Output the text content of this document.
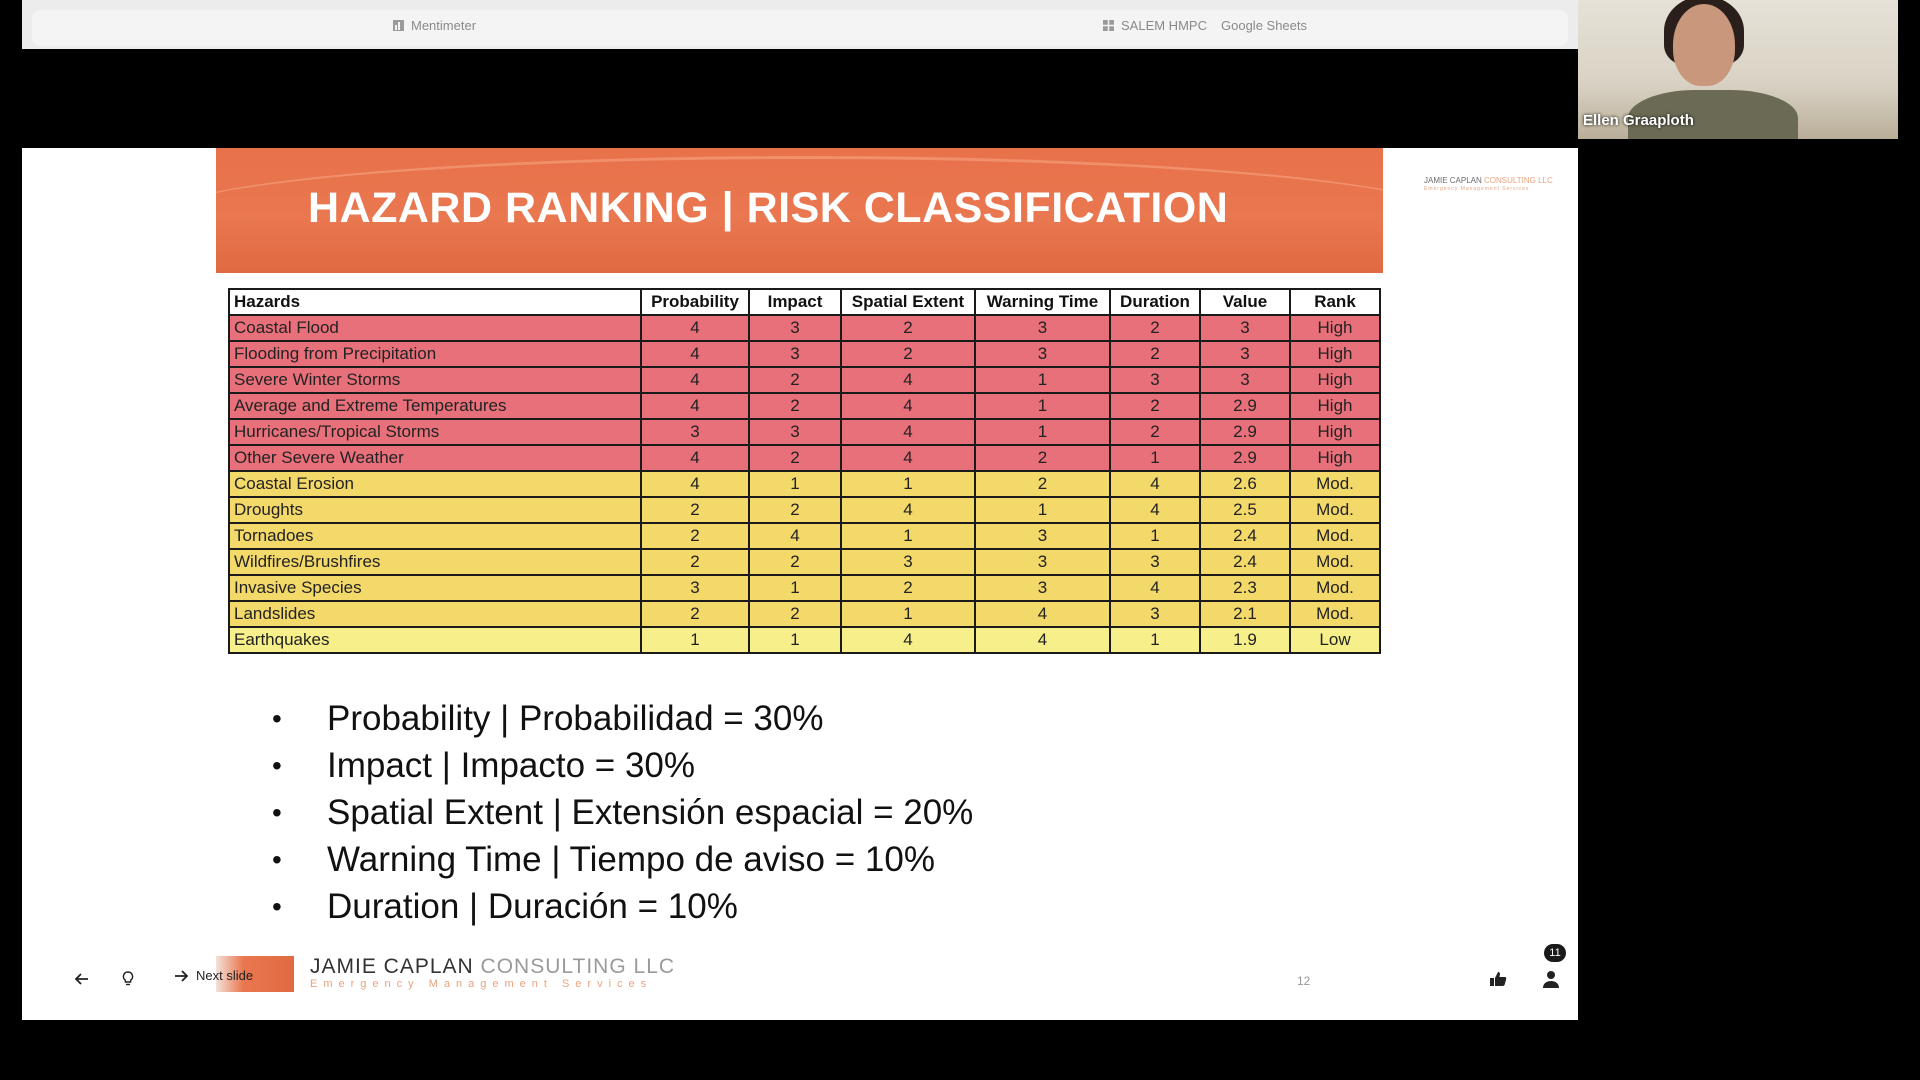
Mentimeter	SALEM HMPC Google Sheets
HAZARD RANKING | RISK CLASSIFICATION
JAMIE CAPLAN CONSULTING LLC
Emergency Management Services
Hazards	Probability	Impact	Spatial Extent	Warning Time	Duration	Value	Rank
Coastal Flood	4	3	2	3	2	3	High
Flooding from Precipitation	4	3	2	3	2	3	High
Severe Winter Storms	4	2	4	1	3	3	High
Average and Extreme Temperatures	4	2	4	1	2	2.9	High
Hurricanes/Tropical Storms	3	3	4	1	2	2.9	High
Other Severe Weather	4	2	4	2	1	2.9	High
Coastal Erosion	4	1	1	2	4	2.6	Mod.
Droughts	2	2	4	1	4	2.5	Mod.
Tornadoes	2	4	1	3	1	2.4	Mod.
Wildfires/Brushfires	2	2	3	3	3	2.4	Mod.
Invasive Species	3	1	2	3	4	2.3	Mod.
Landslides	2	2	1	4	3	2.1	Mod.
Earthquakes	1	1	4	4	1	1.9	Low
•	Probability | Probabilidad = 30%
•	Impact | Impacto = 30%
•	Spatial Extent | Extensión espacial = 20%
•	Warning Time | Tiempo de aviso = 10%
•	Duration | Duración = 10%
JAMIE CAPLAN CONSULTING LLC
Emergency Management Services	12
Next slide
11
Ellen Graaploth
